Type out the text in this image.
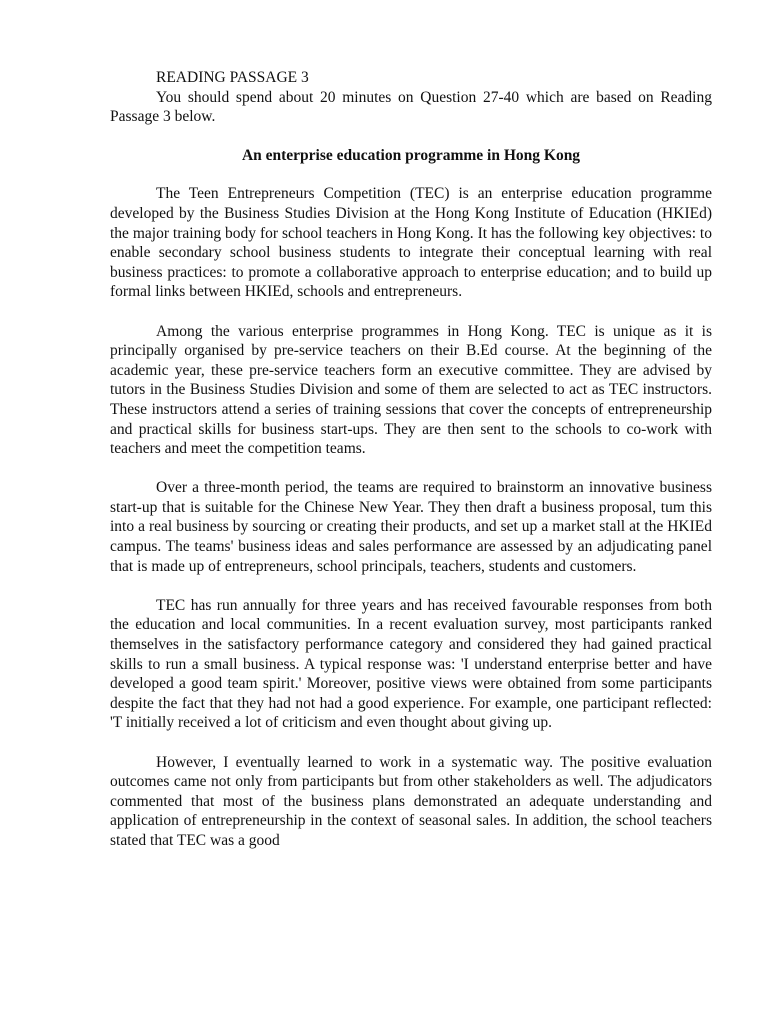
READING PASSAGE 3

You should spend about 20 minutes on Question 27-40 which are based on Reading Passage 3 below.

An enterprise education programme in Hong Kong

The Teen Entrepreneurs Competition (TEC) is an enterprise education programme developed by the Business Studies Division at the Hong Kong Institute of Education (HKIEd) the major training body for school teachers in Hong Kong. It has the following key objectives: to enable secondary school business students to integrate their conceptual learning with real business practices: to promote a collaborative approach to enterprise education; and to build up formal links between HKIEd, schools and entrepreneurs.

Among the various enterprise programmes in Hong Kong. TEC is unique as it is principally organised by pre-service teachers on their B.Ed course. At the beginning of the academic year, these pre-service teachers form an executive committee. They are advised by tutors in the Business Studies Division and some of them are selected to act as TEC instructors. These instructors attend a series of training sessions that cover the concepts of entrepreneurship and practical skills for business start-ups. They are then sent to the schools to co-work with teachers and meet the competition teams.

Over a three-month period, the teams are required to brainstorm an innovative business start-up that is suitable for the Chinese New Year. They then draft a business proposal, tum this into a real business by sourcing or creating their products, and set up a market stall at the HKIEd campus. The teams' business ideas and sales performance are assessed by an adjudicating panel that is made up of entrepreneurs, school principals, teachers, students and customers.

TEC has run annually for three years and has received favourable responses from both the education and local communities. In a recent evaluation survey, most participants ranked themselves in the satisfactory performance category and considered they had gained practical skills to run a small business. A typical response was: 'I understand enterprise better and have developed a good team spirit.' Moreover, positive views were obtained from some participants despite the fact that they had not had a good experience. For example, one participant reflected: 'T initially received a lot of criticism and even thought about giving up.

However, I eventually learned to work in a systematic way. The positive evaluation outcomes came not only from participants but from other stakeholders as well. The adjudicators commented that most of the business plans demonstrated an adequate understanding and application of entrepreneurship in the context of seasonal sales. In addition, the school teachers stated that TEC was a good
